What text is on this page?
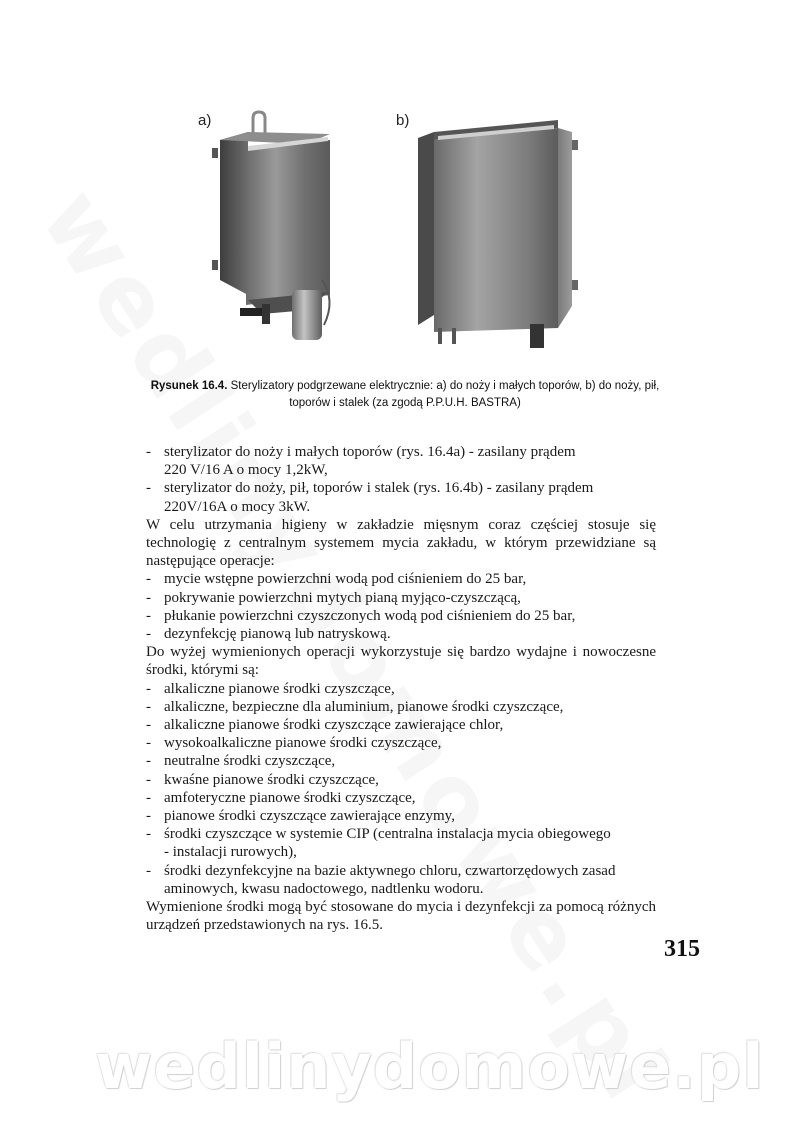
a)	b)
Rysunek 16.4. Sterylizatory podgrzewane elektrycznie: a) do noży i małych toporów, b) do noży, pił,
toporów i stalek (za zgodą P.P.U.H. BASTRA)
- sterylizator do noży i małych toporów (rys. 16.4a) - zasilany prądem
220 V/16 A o mocy 1,2kW,
- sterylizator do noży, pił, toporów i stalek (rys. 16.4b) - zasilany prądem
220V/16A o mocy 3kW.
W celu utrzymania higieny w zakładzie mięsnym coraz częściej stosuje się technologię z centralnym systemem mycia zakładu, w którym przewidziane są następujące operacje:
- mycie wstępne powierzchni wodą pod ciśnieniem do 25 bar,
- pokrywanie powierzchni mytych pianą myjąco-czyszczącą,
- płukanie powierzchni czyszczonych wodą pod ciśnieniem do 25 bar,
- dezynfekcję pianową lub natryskową.
Do wyżej wymienionych operacji wykorzystuje się bardzo wydajne i nowoczesne środki, którymi są:
- alkaliczne pianowe środki czyszczące,
- alkaliczne, bezpieczne dla aluminium, pianowe środki czyszczące,
- alkaliczne pianowe środki czyszczące zawierające chlor,
- wysokoalkaliczne pianowe środki czyszczące,
- neutralne środki czyszczące,
- kwaśne pianowe środki czyszczące,
- amfoteryczne pianowe środki czyszczące,
- pianowe środki czyszczące zawierające enzymy,
- środki czyszczące w systemie CIP (centralna instalacja mycia obiegowego
- instalacji rurowych),
- środki dezynfekcyjne na bazie aktywnego chloru, czwartorzędowych zasad
aminowych, kwasu nadoctowego, nadtlenku wodoru.
Wymienione środki mogą być stosowane do mycia i dezynfekcji za pomocą różnych urządzeń przedstawionych na rys. 16.5.
315
wedlinydomowe.pl
